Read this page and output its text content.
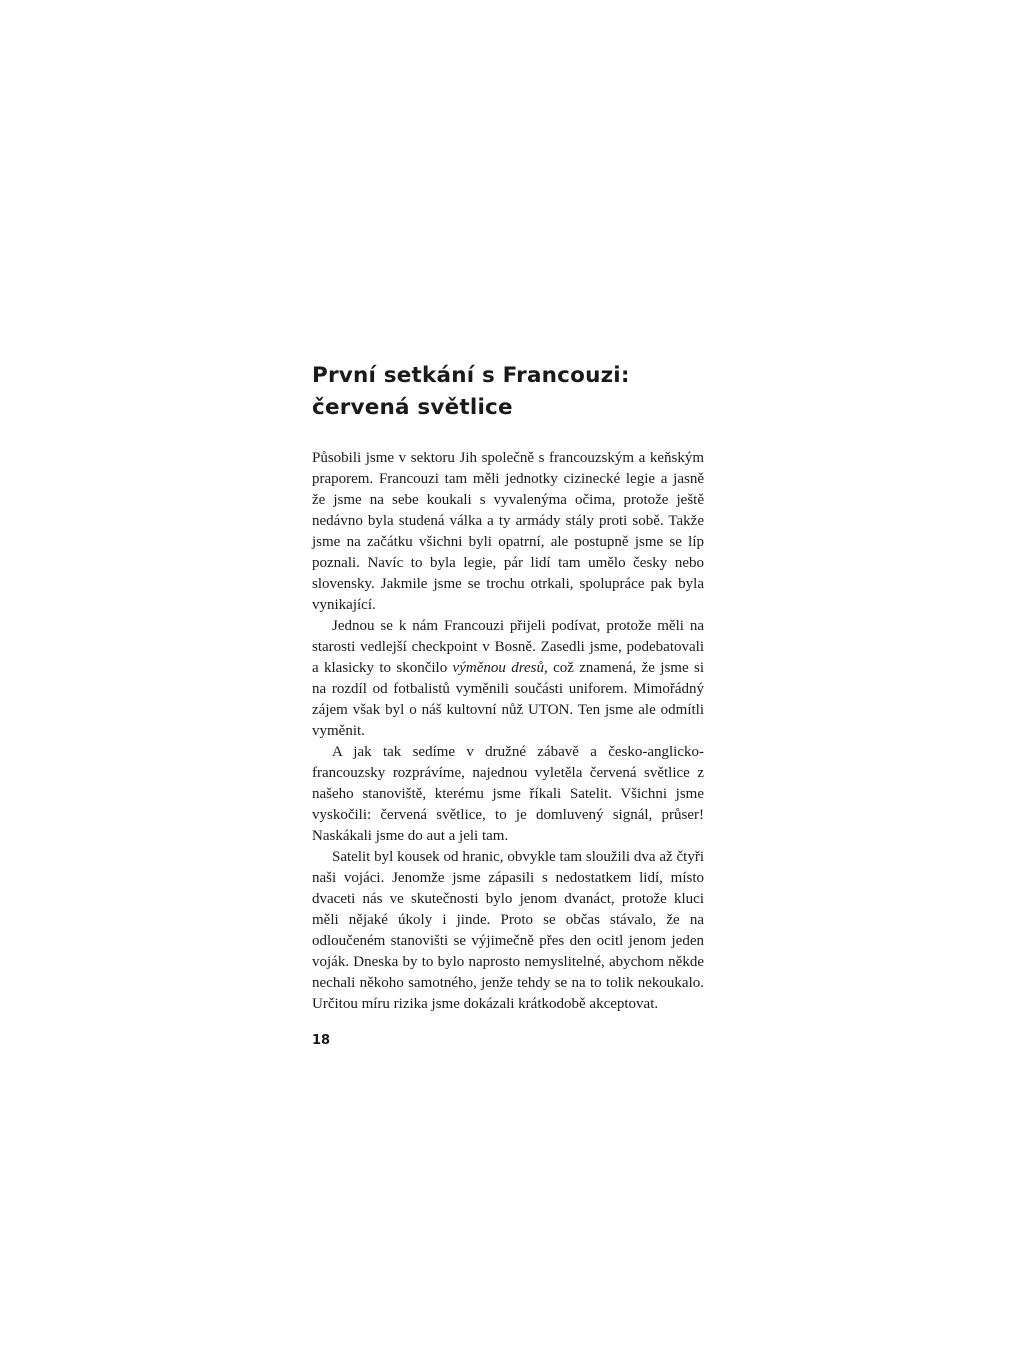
První setkání s Francouzi:
červená světlice

Působili jsme v sektoru Jih společně s francouzským a keňským praporem. Francouzi tam měli jednotky cizinecké legie a jasně že jsme na sebe koukali s vyvalenýma očima, protože ještě nedávno byla studená válka a ty armády stály proti sobě. Takže jsme na začátku všichni byli opatrní, ale postupně jsme se líp poznali. Navíc to byla legie, pár lidí tam umělo česky nebo slovensky. Jakmile jsme se trochu otrkali, spolupráce pak byla vynikající.

Jednou se k nám Francouzi přijeli podívat, protože měli na starosti vedlejší checkpoint v Bosně. Zasedli jsme, podebatovali a klasicky to skončilo výměnou dresů, což znamená, že jsme si na rozdíl od fotbalistů vyměnili součásti uniforem. Mimořádný zájem však byl o náš kultovní nůž UTON. Ten jsme ale odmítli vyměnit.

A jak tak sedíme v družné zábavě a česko-anglicko-francouzsky rozprávíme, najednou vyletěla červená světlice z našeho stanoviště, kterému jsme říkali Satelit. Všichni jsme vyskočili: červená světlice, to je domluvený signál, průser! Naskákali jsme do aut a jeli tam.

Satelit byl kousek od hranic, obvykle tam sloužili dva až čtyři naši vojáci. Jenomže jsme zápasili s nedostatkem lidí, místo dvaceti nás ve skutečnosti bylo jenom dvanáct, protože kluci měli nějaké úkoly i jinde. Proto se občas stávalo, že na odloučeném stanovišti se výjimečně přes den ocitl jenom jeden voják. Dneska by to bylo naprosto nemyslitelné, abychom někde nechali někoho samotného, jenže tehdy se na to tolik nekoukalo. Určitou míru rizika jsme dokázali krátkodobě akceptovat.

18
